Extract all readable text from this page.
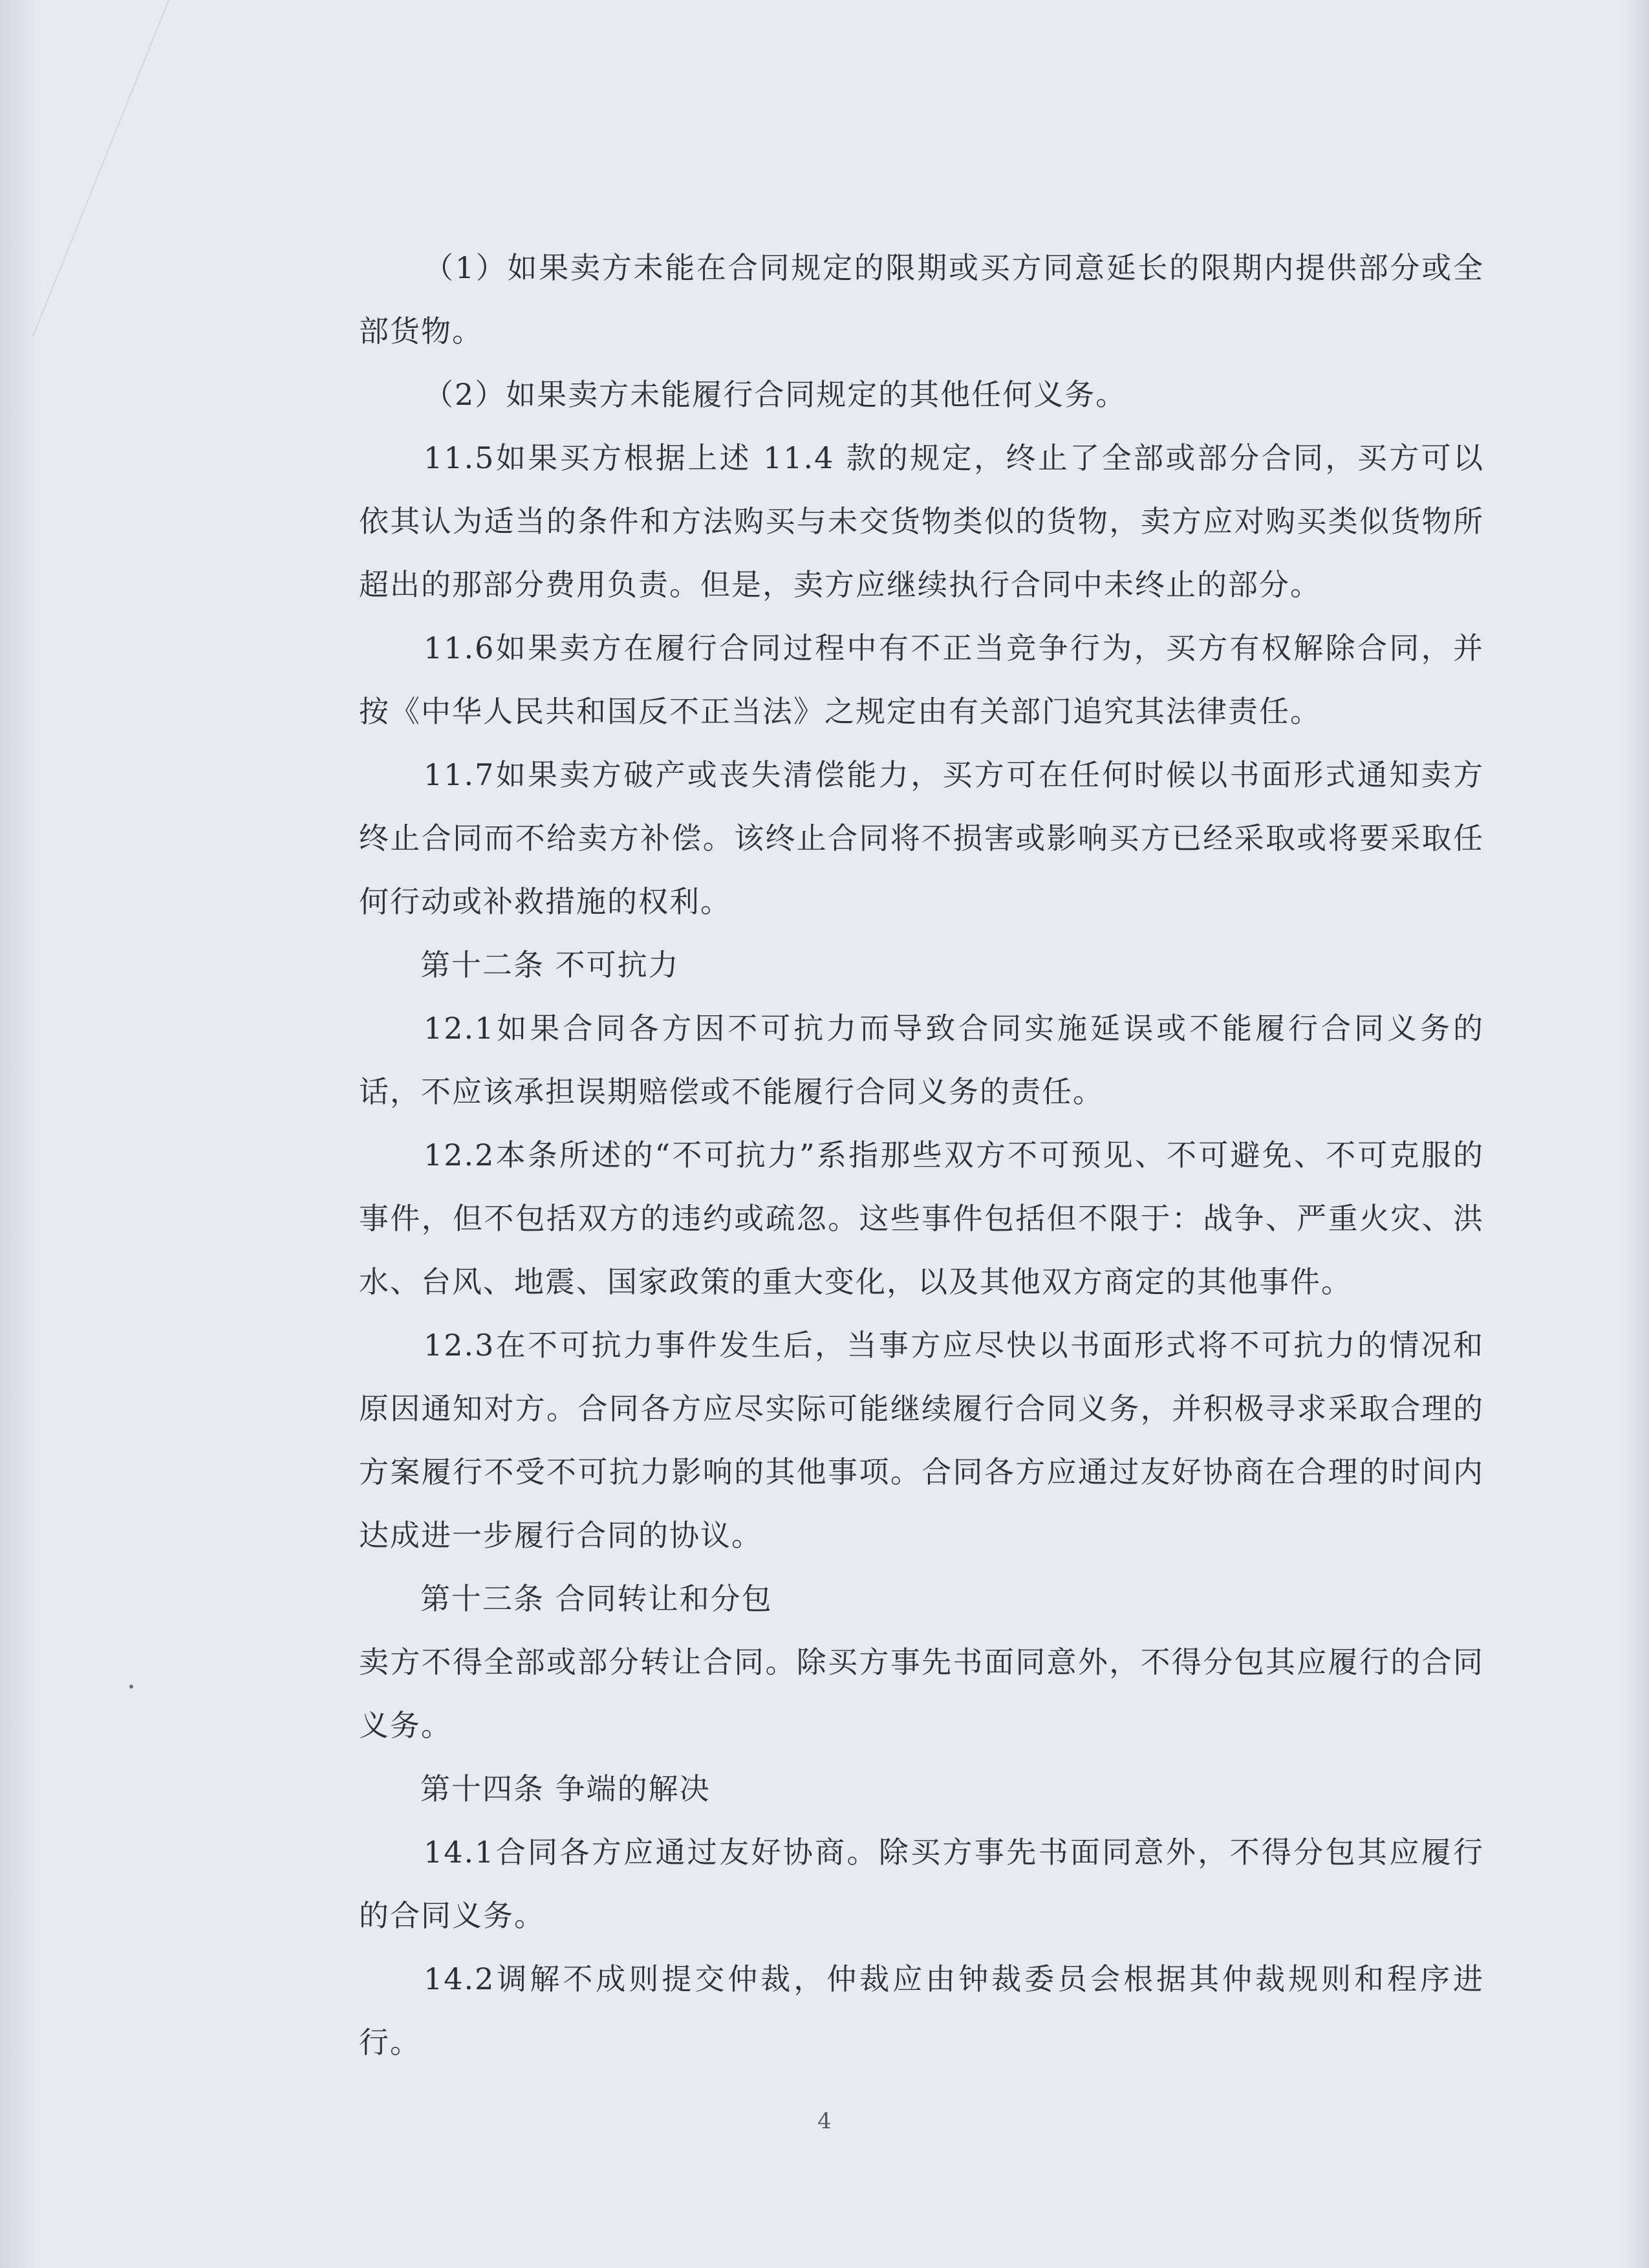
（1）如果卖方未能在合同规定的限期或买方同意延长的限期内提供部分或全部货物。

（2）如果卖方未能履行合同规定的其他任何义务。

11.5如果买方根据上述 11.4 款的规定，终止了全部或部分合同，买方可以依其认为适当的条件和方法购买与未交货物类似的货物，卖方应对购买类似货物所超出的那部分费用负责。但是，卖方应继续执行合同中未终止的部分。

11.6如果卖方在履行合同过程中有不正当竞争行为，买方有权解除合同，并按《中华人民共和国反不正当法》之规定由有关部门追究其法律责任。

11.7如果卖方破产或丧失清偿能力，买方可在任何时候以书面形式通知卖方终止合同而不给卖方补偿。该终止合同将不损害或影响买方已经采取或将要采取任何行动或补救措施的权利。

第十二条 不可抗力

12.1如果合同各方因不可抗力而导致合同实施延误或不能履行合同义务的话，不应该承担误期赔偿或不能履行合同义务的责任。

12.2本条所述的“不可抗力”系指那些双方不可预见、不可避免、不可克服的事件，但不包括双方的违约或疏忽。这些事件包括但不限于：战争、严重火灾、洪水、台风、地震、国家政策的重大变化，以及其他双方商定的其他事件。

12.3在不可抗力事件发生后，当事方应尽快以书面形式将不可抗力的情况和原因通知对方。合同各方应尽实际可能继续履行合同义务，并积极寻求采取合理的方案履行不受不可抗力影响的其他事项。合同各方应通过友好协商在合理的时间内达成进一步履行合同的协议。

第十三条 合同转让和分包

卖方不得全部或部分转让合同。除买方事先书面同意外，不得分包其应履行的合同义务。

第十四条 争端的解决

14.1合同各方应通过友好协商。除买方事先书面同意外，不得分包其应履行的合同义务。

14.2调解不成则提交仲裁，仲裁应由钟裁委员会根据其仲裁规则和程序进行。

4
